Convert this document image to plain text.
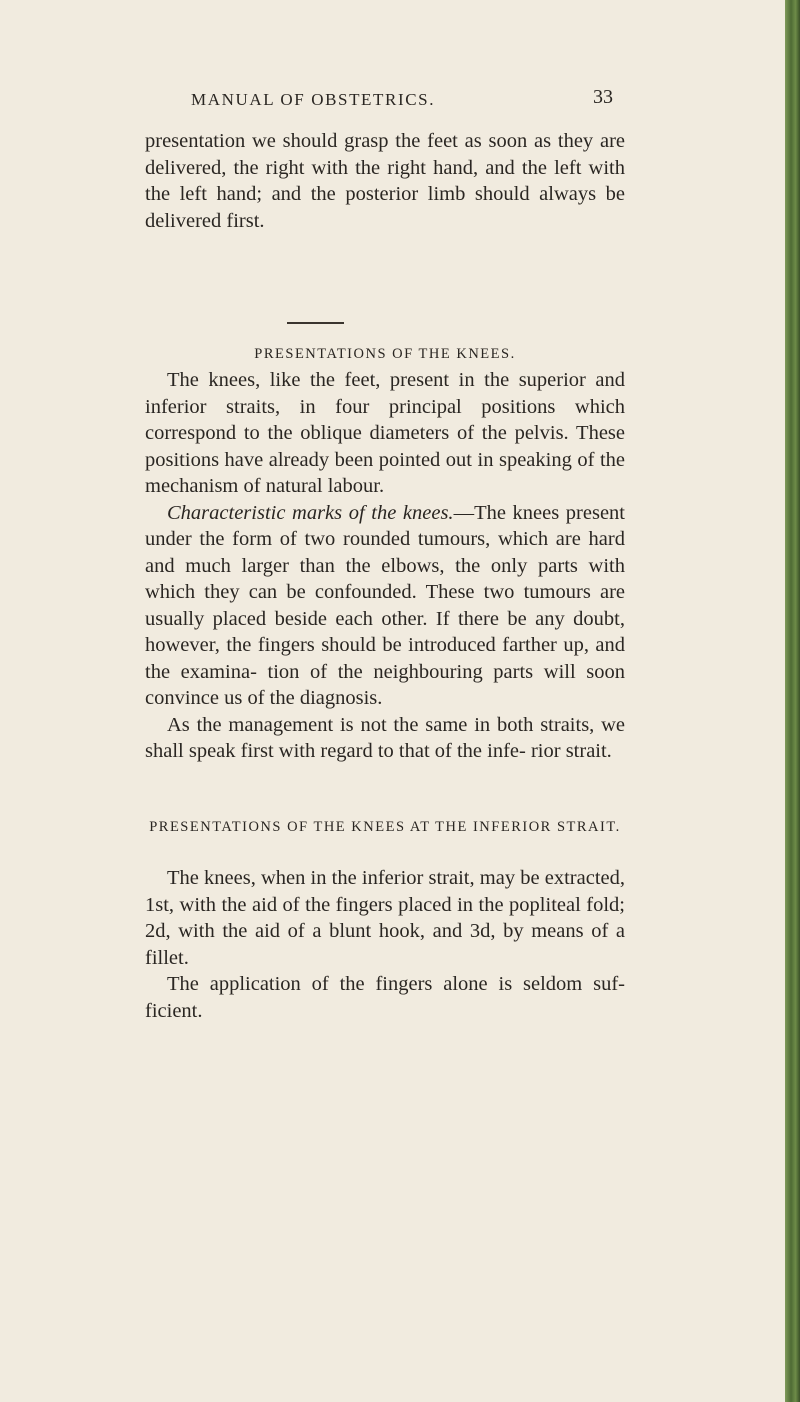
MANUAL OF OBSTETRICS.	33

presentation we should grasp the feet as soon as they are delivered, the right with the right hand, and the left with the left hand; and the posterior limb should always be delivered first.

PRESENTATIONS OF THE KNEES.

The knees, like the feet, present in the superior and inferior straits, in four principal positions which correspond to the oblique diameters of the pelvis. These positions have already been pointed out in speaking of the mechanism of natural labour.

Characteristic marks of the knees.—The knees present under the form of two rounded tumours, which are hard and much larger than the elbows, the only parts with which they can be confounded. These two tumours are usually placed beside each other. If there be any doubt, however, the fingers should be introduced farther up, and the examina- tion of the neighbouring parts will soon convince us of the diagnosis.

As the management is not the same in both straits, we shall speak first with regard to that of the infe- rior strait.

PRESENTATIONS OF THE KNEES AT THE INFERIOR STRAIT.

The knees, when in the inferior strait, may be extracted, 1st, with the aid of the fingers placed in the popliteal fold; 2d, with the aid of a blunt hook, and 3d, by means of a fillet.

The application of the fingers alone is seldom suf- ficient.
